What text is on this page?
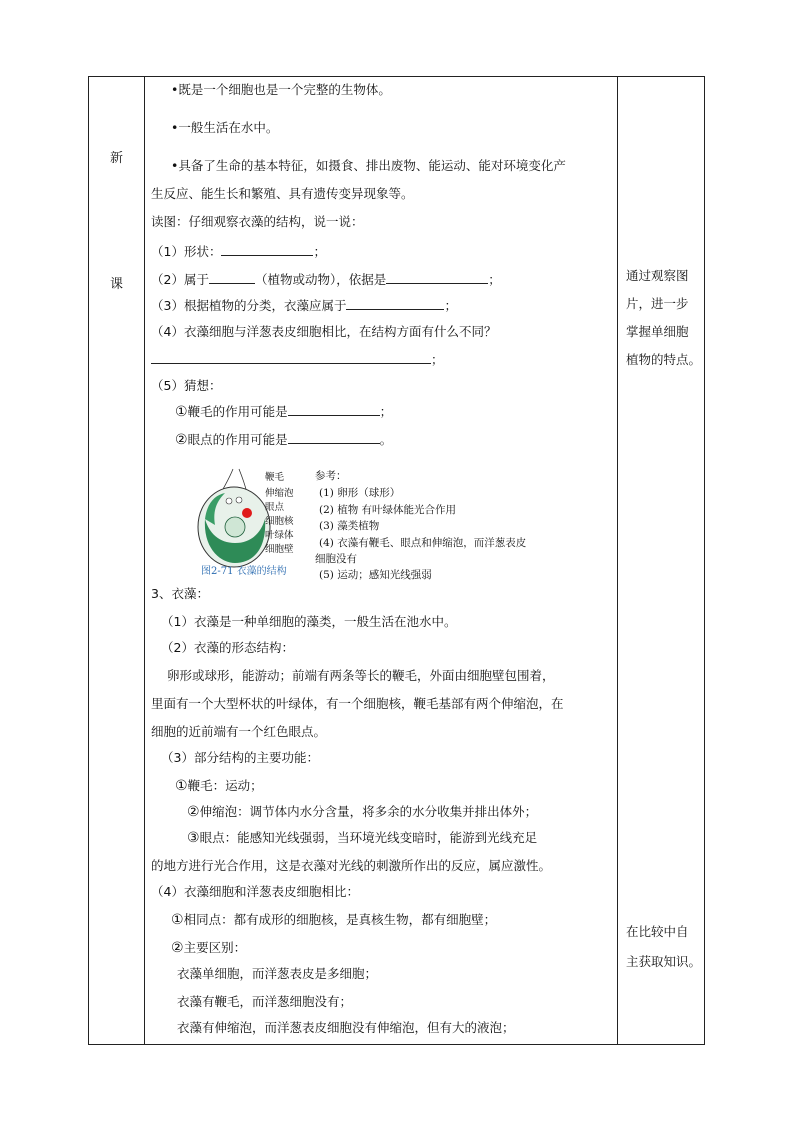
新
课
•既是一个细胞也是一个完整的生物体。
•一般生活在水中。
•具备了生命的基本特征，如摄食、排出废物、能运动、能对环境变化产
生反应、能生长和繁殖、具有遗传变异现象等。
读图：仔细观察衣藻的结构，说一说：
（1）形状：	；
（2）属于	（植物或动物），依据是	；
（3）根据植物的分类，衣藻应属于	；
（4）衣藻细胞与洋葱表皮细胞相比，在结构方面有什么不同？
；
（5）猜想：
①鞭毛的作用可能是	；
②眼点的作用可能是	。
鞭毛
伸缩泡
眼点
细胞核
叶绿体
细胞壁
图2-71 衣藻的结构
参考：
(1) 卵形（球形）
(2) 植物 有叶绿体能光合作用
(3) 藻类植物
(4) 衣藻有鞭毛、眼点和伸缩泡，而洋葱表皮
细胞没有
(5) 运动；感知光线强弱
3、衣藻：
（1）衣藻是一种单细胞的藻类，一般生活在池水中。
（2）衣藻的形态结构：
卵形或球形，能游动；前端有两条等长的鞭毛，外面由细胞壁包围着，
里面有一个大型杯状的叶绿体，有一个细胞核，鞭毛基部有两个伸缩泡，在
细胞的近前端有一个红色眼点。
（3）部分结构的主要功能：
①鞭毛：运动；
②伸缩泡：调节体内水分含量，将多余的水分收集并排出体外；
③眼点：能感知光线强弱，当环境光线变暗时，能游到光线充足
的地方进行光合作用，这是衣藻对光线的刺激所作出的反应，属应激性。
（4）衣藻细胞和洋葱表皮细胞相比：
①相同点：都有成形的细胞核，是真核生物，都有细胞壁；
②主要区别：
衣藻单细胞，而洋葱表皮是多细胞；
衣藻有鞭毛，而洋葱细胞没有；
衣藻有伸缩泡，而洋葱表皮细胞没有伸缩泡，但有大的液泡；
通过观察图
片，进一步
掌握单细胞
植物的特点。
在比较中自
主获取知识。
